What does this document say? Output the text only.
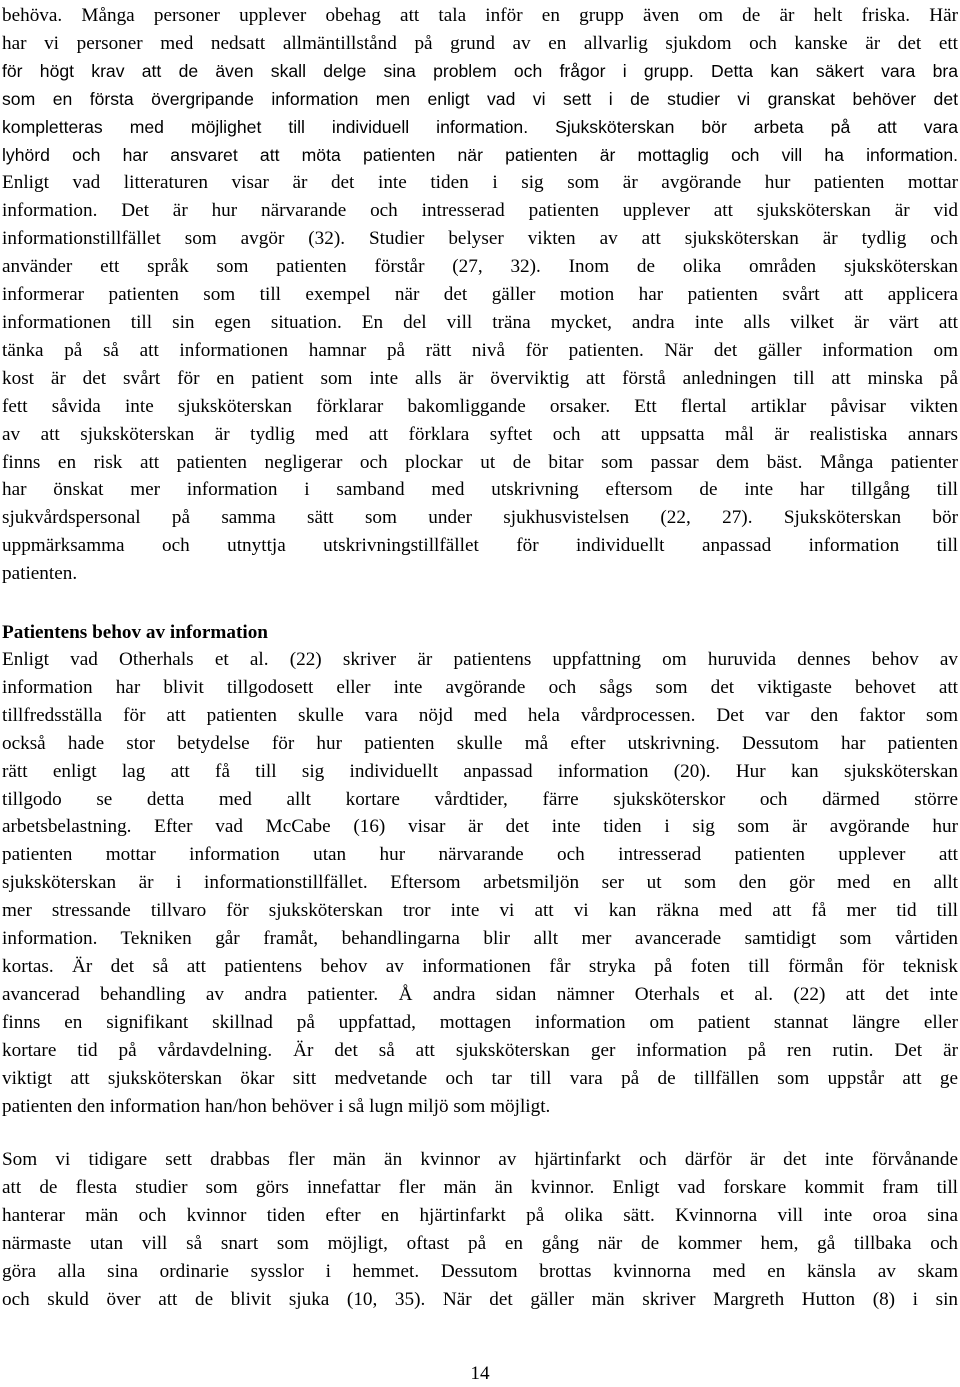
behöva. Många personer upplever obehag att tala inför en grupp även om de är helt friska. Här
har vi personer med nedsatt allmäntillstånd på grund av en allvarlig sjukdom och kanske är det ett
för högt krav att de även skall delge sina problem och frågor i grupp. Detta kan säkert vara bra
som en första övergripande information men enligt vad vi sett i de studier vi granskat behöver det
kompletteras med möjlighet till individuell information. Sjuksköterskan bör arbeta på att vara
lyhörd och har ansvaret att möta patienten när patienten är mottaglig och vill ha information.
Enligt vad litteraturen visar är det inte tiden i sig som är avgörande hur patienten mottar
information. Det är hur närvarande och intresserad patienten upplever att sjuksköterskan är vid
informationstillfället som avgör (32). Studier belyser vikten av att sjuksköterskan är tydlig och
använder ett språk som patienten förstår (27, 32). Inom de olika områden sjuksköterskan
informerar patienten som till exempel när det gäller motion har patienten svårt att applicera
informationen till sin egen situation. En del vill träna mycket, andra inte alls vilket är värt att
tänka på så att informationen hamnar på rätt nivå för patienten. När det gäller information om
kost är det svårt för en patient som inte alls är överviktig att förstå anledningen till att minska på
fett såvida inte sjuksköterskan förklarar bakomliggande orsaker. Ett flertal artiklar påvisar vikten
av att sjuksköterskan är tydlig med att förklara syftet och att uppsatta mål är realistiska annars
finns en risk att patienten negligerar och plockar ut de bitar som passar dem bäst. Många patienter
har önskat mer information i samband med utskrivning eftersom de inte har tillgång till
sjukvårdspersonal på samma sätt som under sjukhusvistelsen (22, 27). Sjuksköterskan bör
uppmärksamma och utnyttja utskrivningstillfället för individuellt anpassad information till
patienten.
Patientens behov av information
Enligt vad Otherhals et al. (22) skriver är patientens uppfattning om huruvida dennes behov av
information har blivit tillgodosett eller inte avgörande och sågs som det viktigaste behovet att
tillfredsställa för att patienten skulle vara nöjd med hela vårdprocessen. Det var den faktor som
också hade stor betydelse för hur patienten skulle må efter utskrivning. Dessutom har patienten
rätt enligt lag att få till sig individuellt anpassad information (20). Hur kan sjuksköterskan
tillgodo se detta med allt kortare vårdtider, färre sjuksköterskor och därmed större
arbetsbelastning. Efter vad McCabe (16) visar är det inte tiden i sig som är avgörande hur
patienten mottar information utan hur närvarande och intresserad patienten upplever att
sjuksköterskan är i informationstillfället. Eftersom arbetsmiljön ser ut som den gör med en allt
mer stressande tillvaro för sjuksköterskan tror inte vi att vi kan räkna med att få mer tid till
information. Tekniken går framåt, behandlingarna blir allt mer avancerade samtidigt som vårtiden
kortas. Är det så att patientens behov av informationen får stryka på foten till förmån för teknisk
avancerad behandling av andra patienter. Å andra sidan nämner Oterhals et al. (22) att det inte
finns en signifikant skillnad på uppfattad, mottagen information om patient stannat längre eller
kortare tid på vårdavdelning. Är det så att sjuksköterskan ger information på ren rutin. Det är
viktigt att sjuksköterskan ökar sitt medvetande och tar till vara på de tillfällen som uppstår att ge
patienten den information han/hon behöver i så lugn miljö som möjligt.
Som vi tidigare sett drabbas fler män än kvinnor av hjärtinfarkt och därför är det inte förvånande
att de flesta studier som görs innefattar fler män än kvinnor. Enligt vad forskare kommit fram till
hanterar män och kvinnor tiden efter en hjärtinfarkt på olika sätt. Kvinnorna vill inte oroa sina
närmaste utan vill så snart som möjligt, oftast på en gång när de kommer hem, gå tillbaka och
göra alla sina ordinarie sysslor i hemmet. Dessutom brottas kvinnorna med en känsla av skam
och skuld över att de blivit sjuka (10, 35). När det gäller män skriver Margreth Hutton (8) i sin
14
